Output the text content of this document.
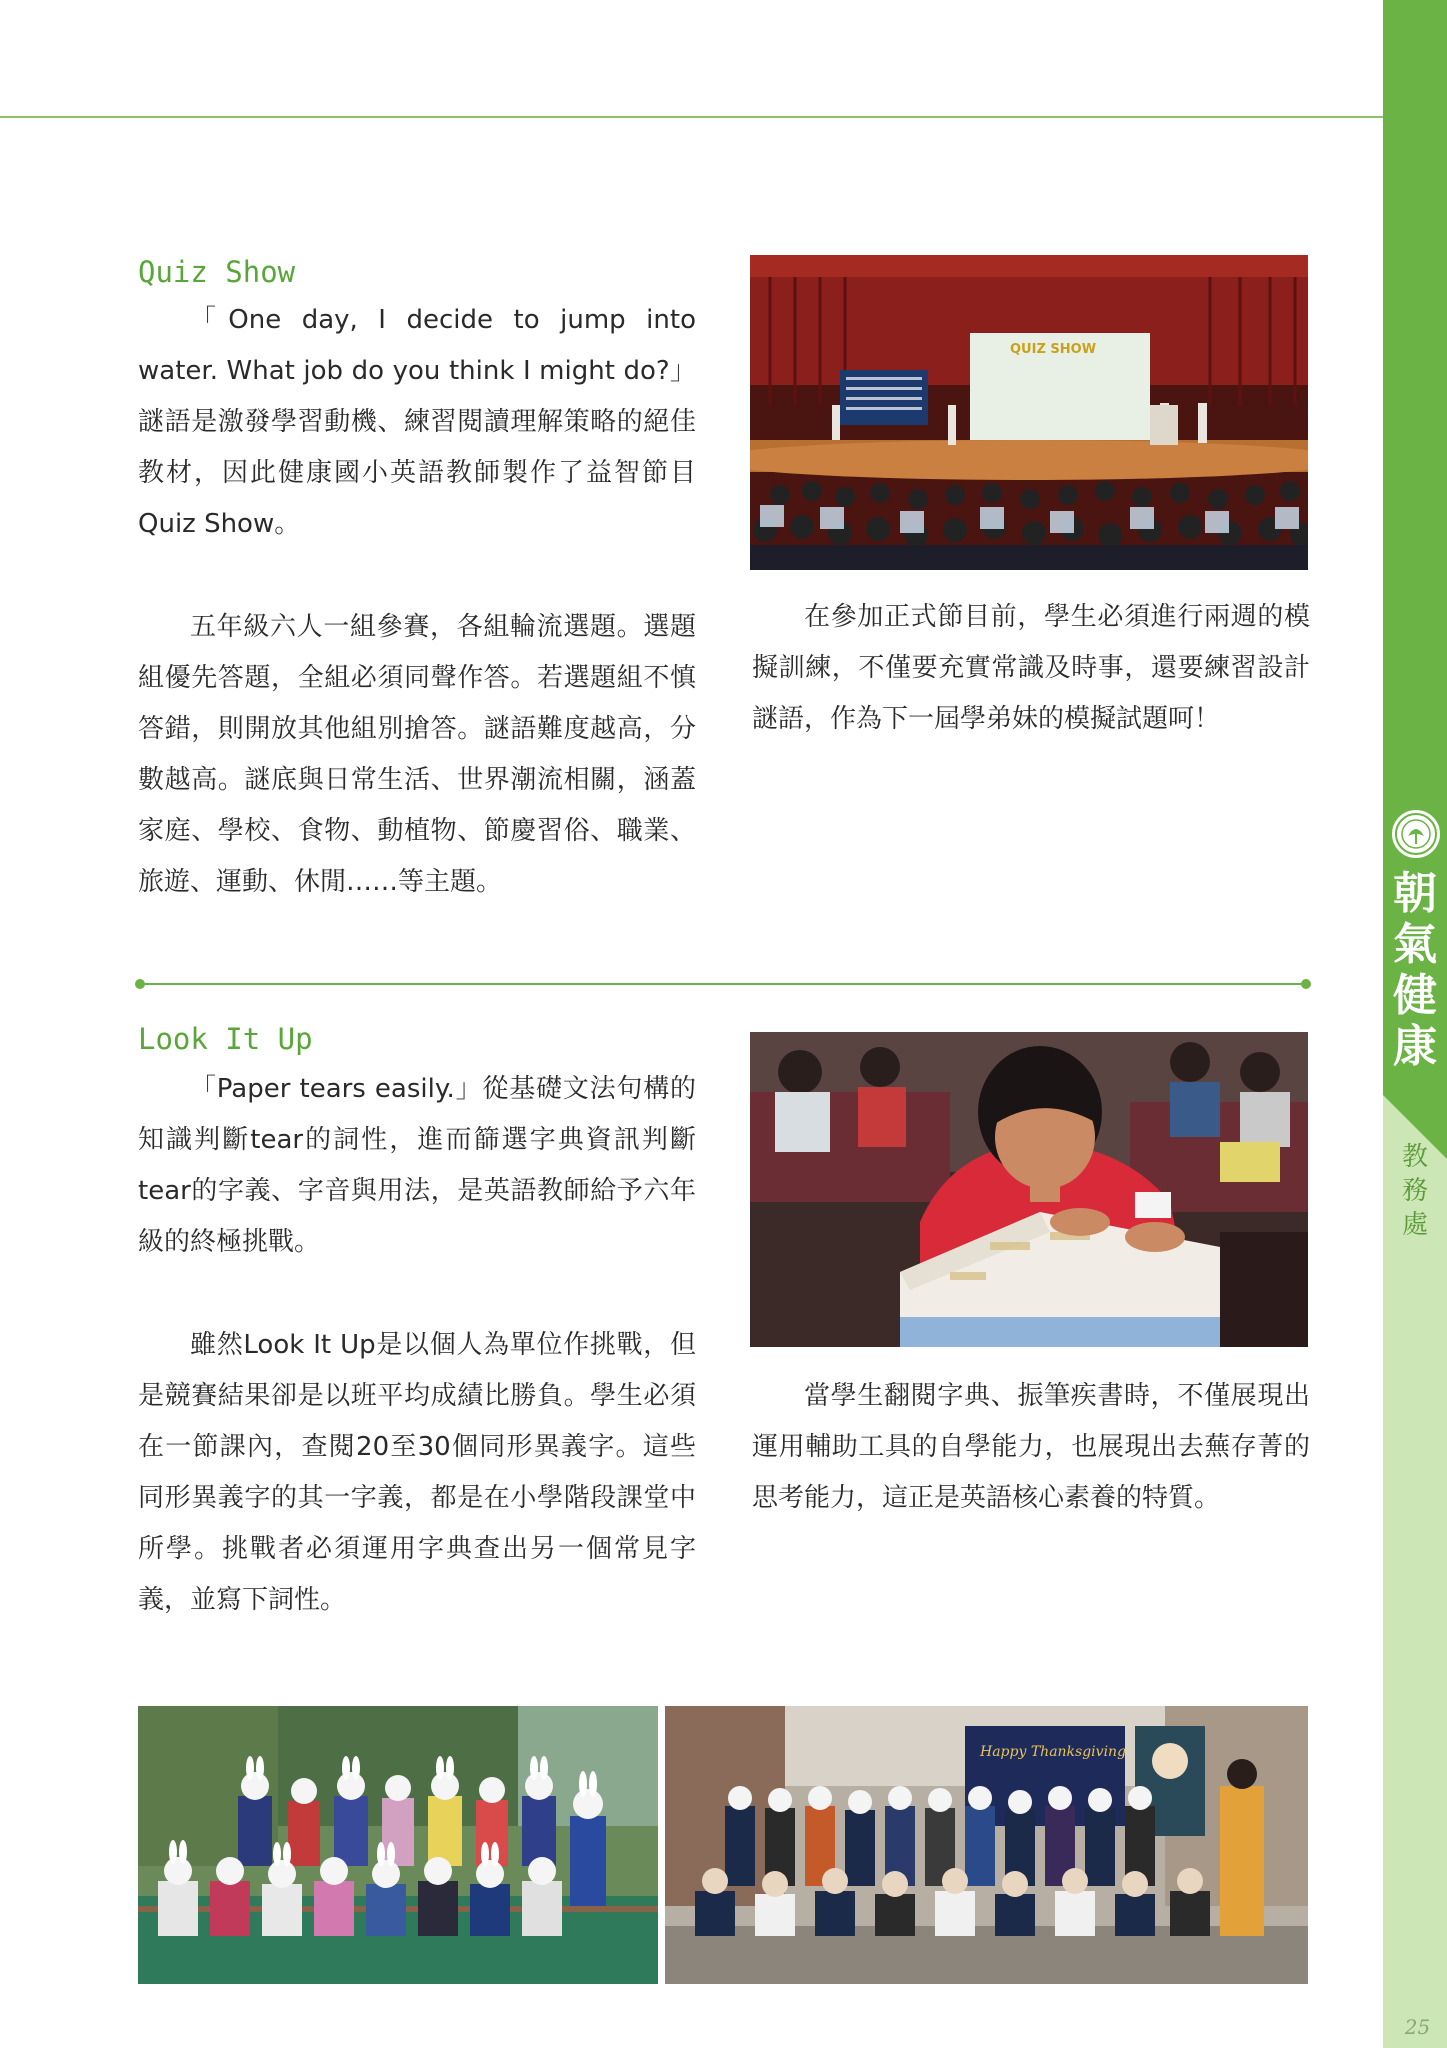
Quiz Show

「One day, I decide to jump into water. What job do you think I might do?」謎語是激發學習動機、練習閱讀理解策略的絕佳教材，因此健康國小英語教師製作了益智節目Quiz Show。

五年級六人一組參賽，各組輪流選題。選題組優先答題，全組必須同聲作答。若選題組不慎答錯，則開放其他組別搶答。謎語難度越高，分數越高。謎底與日常生活、世界潮流相關，涵蓋家庭、學校、食物、動植物、節慶習俗、職業、旅遊、運動、休閒……等主題。

在參加正式節目前，學生必須進行兩週的模擬訓練，不僅要充實常識及時事，還要練習設計謎語，作為下一屆學弟妹的模擬試題呵！

QUIZ SHOW
Look It Up

「Paper tears easily.」從基礎文法句構的知識判斷tear的詞性，進而篩選字典資訊判斷tear的字義、字音與用法，是英語教師給予六年級的終極挑戰。

雖然Look It Up是以個人為單位作挑戰，但是競賽結果卻是以班平均成績比勝負。學生必須在一節課內，查閱20至30個同形異義字。這些同形異義字的其一字義，都是在小學階段課堂中所學。挑戰者必須運用字典查出另一個常見字義，並寫下詞性。

當學生翻閱字典、振筆疾書時，不僅展現出運用輔助工具的自學能力，也展現出去蕪存菁的思考能力，這正是英語核心素養的特質。

Happy Thanksgiving
朝
氣
健
康
教
務
處
25
